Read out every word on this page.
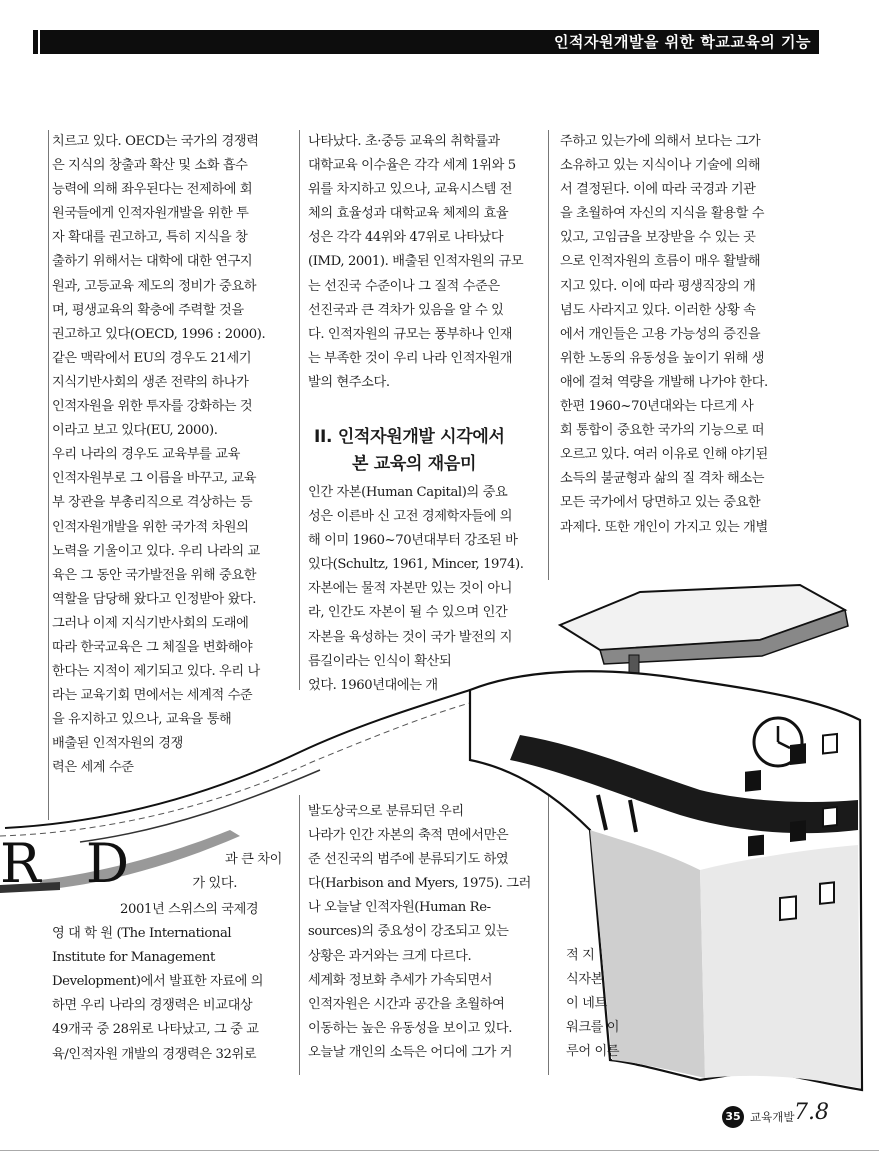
인적자원개발을 위한 학교교육의 기능
치르고 있다. OECD는 국가의 경쟁력
은 지식의 창출과 확산 및 소화 흡수
능력에 의해 좌우된다는 전제하에 회
원국들에게 인적자원개발을 위한 투
자 확대를 권고하고, 특히 지식을 창
출하기 위해서는 대학에 대한 연구지
원과, 고등교육 제도의 정비가 중요하
며, 평생교육의 확충에 주력할 것을
권고하고 있다(OECD, 1996 : 2000).
같은 맥락에서 EU의 경우도 21세기
지식기반사회의 생존 전략의 하나가
인적자원을 위한 투자를 강화하는 것
이라고 보고 있다(EU, 2000).
우리 나라의 경우도 교육부를 교육
인적자원부로 그 이름을 바꾸고, 교육
부 장관을 부총리직으로 격상하는 등
인적자원개발을 위한 국가적 차원의
노력을 기울이고 있다. 우리 나라의 교
육은 그 동안 국가발전을 위해 중요한
역할을 담당해 왔다고 인정받아 왔다.
그러나 이제 지식기반사회의 도래에
따라 한국교육은 그 체질을 변화해야
한다는 지적이 제기되고 있다. 우리 나
라는 교육기회 면에서는 세계적 수준
을 유지하고 있으나, 교육을 통해
배출된 인적자원의 경쟁
력은 세계 수준
R D	과 큰 차이
가 있다.
2001년 스위스의 국제경
영 대 학 원 (The International
Institute for Management
Development)에서 발표한 자료에 의
하면 우리 나라의 경쟁력은 비교대상
49개국 중 28위로 나타났고, 그 중 교
육/인적자원 개발의 경쟁력은 32위로
나타났다. 초·중등 교육의 취학률과
대학교육 이수율은 각각 세계 1위와 5
위를 차지하고 있으나, 교육시스템 전
체의 효율성과 대학교육 체제의 효율
성은 각각 44위와 47위로 나타났다
(IMD, 2001). 배출된 인적자원의 규모
는 선진국 수준이나 그 질적 수준은
선진국과 큰 격차가 있음을 알 수 있
다. 인적자원의 규모는 풍부하나 인재
는 부족한 것이 우리 나라 인적자원개
발의 현주소다.
II. 인적자원개발 시각에서
본 교육의 재음미
인간 자본(Human Capital)의 중요
성은 이른바 신 고전 경제학자들에 의
해 이미 1960~70년대부터 강조된 바
있다(Schultz, 1961, Mincer, 1974).
자본에는 물적 자본만 있는 것이 아니
라, 인간도 자본이 될 수 있으며 인간
자본을 육성하는 것이 국가 발전의 지
름길이라는 인식이 확산되
었다. 1960년대에는 개
발도상국으로 분류되던 우리
나라가 인간 자본의 축적 면에서만은
준 선진국의 범주에 분류되기도 하였
다(Harbison and Myers, 1975). 그러
나 오늘날 인적자원(Human Re-
sources)의 중요성이 강조되고 있는
상황은 과거와는 크게 다르다.
세계화 정보화 추세가 가속되면서
인적자원은 시간과 공간을 초월하여
이동하는 높은 유동성을 보이고 있다.
오늘날 개인의 소득은 어디에 그가 거
주하고 있는가에 의해서 보다는 그가
소유하고 있는 지식이나 기술에 의해
서 결정된다. 이에 따라 국경과 기관
을 초월하여 자신의 지식을 활용할 수
있고, 고임금을 보장받을 수 있는 곳
으로 인적자원의 흐름이 매우 활발해
지고 있다. 이에 따라 평생직장의 개
념도 사라지고 있다. 이러한 상황 속
에서 개인들은 고용 가능성의 증진을
위한 노동의 유동성을 높이기 위해 생
애에 걸쳐 역량을 개발해 나가야 한다.
한편 1960~70년대와는 다르게 사
회 통합이 중요한 국가의 기능으로 떠
오르고 있다. 여러 이유로 인해 야기된
소득의 불균형과 삶의 질 격차 해소는
모든 국가에서 당면하고 있는 중요한
과제다. 또한 개인이 가지고 있는 개별
적 지
식자본
이 네트
워크를 이
루어 이른
35 교육개발 7.8
